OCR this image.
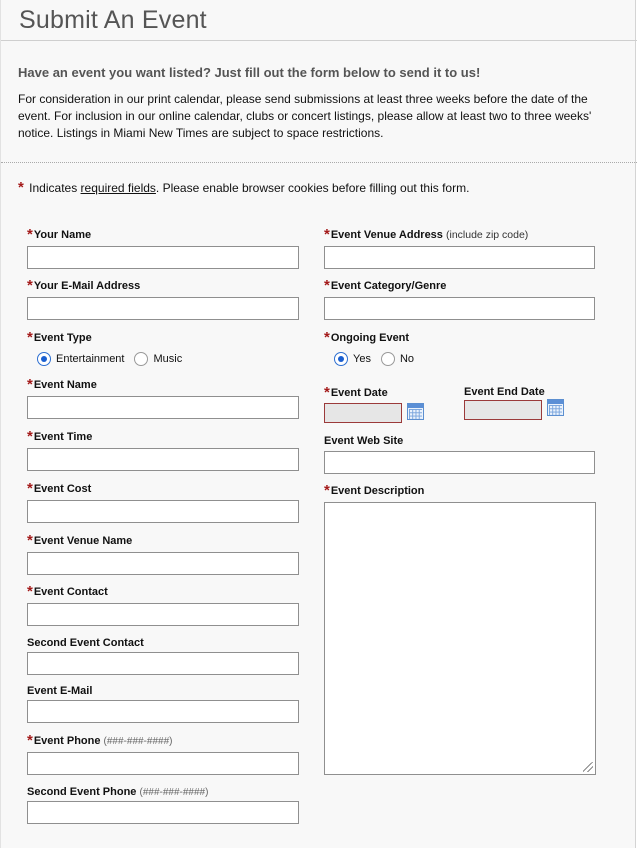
Submit An Event
Have an event you want listed? Just fill out the form below to send it to us!
For consideration in our print calendar, please send submissions at least three weeks before the date of the event. For inclusion in our online calendar, clubs or concert listings, please allow at least two to three weeks' notice. Listings in Miami New Times are subject to space restrictions.
* Indicates required fields. Please enable browser cookies before filling out this form.
*Your Name
*Your E-Mail Address
*Event Type
Entertainment	Music
*Event Name
*Event Time
*Event Cost
*Event Venue Name
*Event Contact
Second Event Contact
Event E-Mail
*Event Phone (###-###-####)
Second Event Phone (###-###-####)
*Event Venue Address (include zip code)
*Event Category/Genre
*Ongoing Event
Yes	No
*Event Date	Event End Date
Event Web Site
*Event Description
